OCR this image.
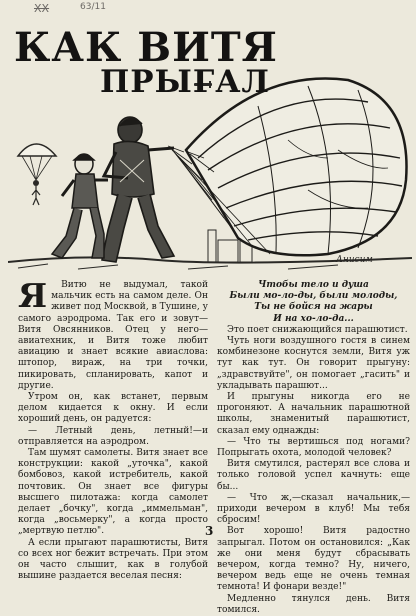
XX	63/11
Анисим
КАК ВИТЯ
ПРЫГАЛ

Я Витю не выдумал, такой мальчик есть на самом деле. Он живет под Москвой, в Тушине, у самого аэродрома. Так его и зовут—Витя Овсянников. Отец у него—авиатехник, и Витя тоже любит авиацию и знает всякие авиаслова: штопор, вираж, на три точки, пикировать, спланировать, капот и другие.

Утром он, как встанет, первым делом кидается к окну. И если хороший день, он радуется:

— Летный день, летный!—и отправляется на аэродром.

Там шумят самолеты. Витя знает все конструкции: какой „уточка", какой бомбовоз, какой истребитель, какой почтовик. Он знает все фигуры высшего пилотажа: когда самолет делает „бочку", когда „иммельман", когда „восьмерку", а когда просто „мертвую петлю".

А если прыгают парашютисты, Витя со всех ног бежит встречать. При этом он часто слышит, как в голубой вышине раздается веселая песня:

Чтобы тело и душа

Были мо-ло-ды, были молоды,

Ты не бойся на жары

И на хо-ло-да...

Это поет снижающийся парашютист.

Чуть ноги воздушного гостя в синем комбинезоне коснутся земли, Витя уж тут как тут. Он говорит прыгуну: „здравствуйте", он помогает „гасить" и укладывать парашют...

И прыгуны никогда его не прогоняют. А начальник парашютной школы, знаменитый парашютист, сказал ему однажды:

— Что ты вертишься под ногами? Попрыгать охота, молодой человек?

Витя смутился, растерял все слова и только головой успел качнуть: еще бы...

— Что ж,—сказал начальник,—приходи вечером в клуб! Мы тебя сбросим!

Вот хорошо! Витя радостно запрыгал. Потом он остановился: „Как же они меня будут сбрасывать вечером, когда темно? Ну, ничего, вечером ведь еще не очень темная темнота! И фонари везде!"

Медленно тянулся день. Витя томился.

3
